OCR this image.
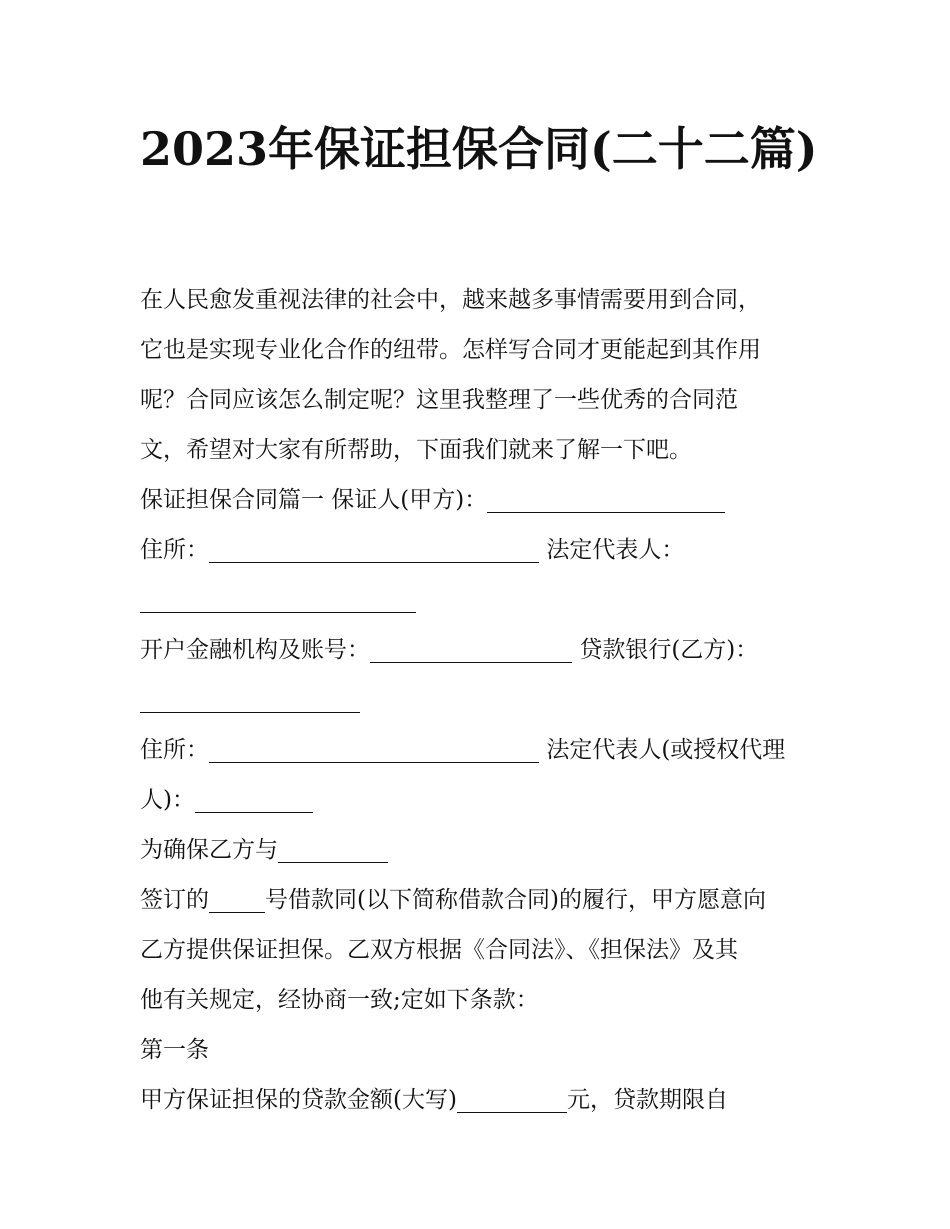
2023年保证担保合同(二十二篇)

在人民愈发重视法律的社会中，越来越多事情需要用到合同，

它也是实现专业化合作的纽带。怎样写合同才更能起到其作用

呢？合同应该怎么制定呢？这里我整理了一些优秀的合同范

文，希望对大家有所帮助，下面我们就来了解一下吧。

保证担保合同篇一 保证人(甲方)：

住所：	法定代表人：

开户金融机构及账号：	贷款银行(乙方)：

住所：	法定代表人(或授权代理

人)：

为确保乙方与

签订的 号借款同(以下简称借款合同)的履行，甲方愿意向

乙方提供保证担保。乙双方根据《合同法》、《担保法》及其

他有关规定，经协商一致;定如下条款：

第一条

甲方保证担保的贷款金额(大写)	元，贷款期限自
